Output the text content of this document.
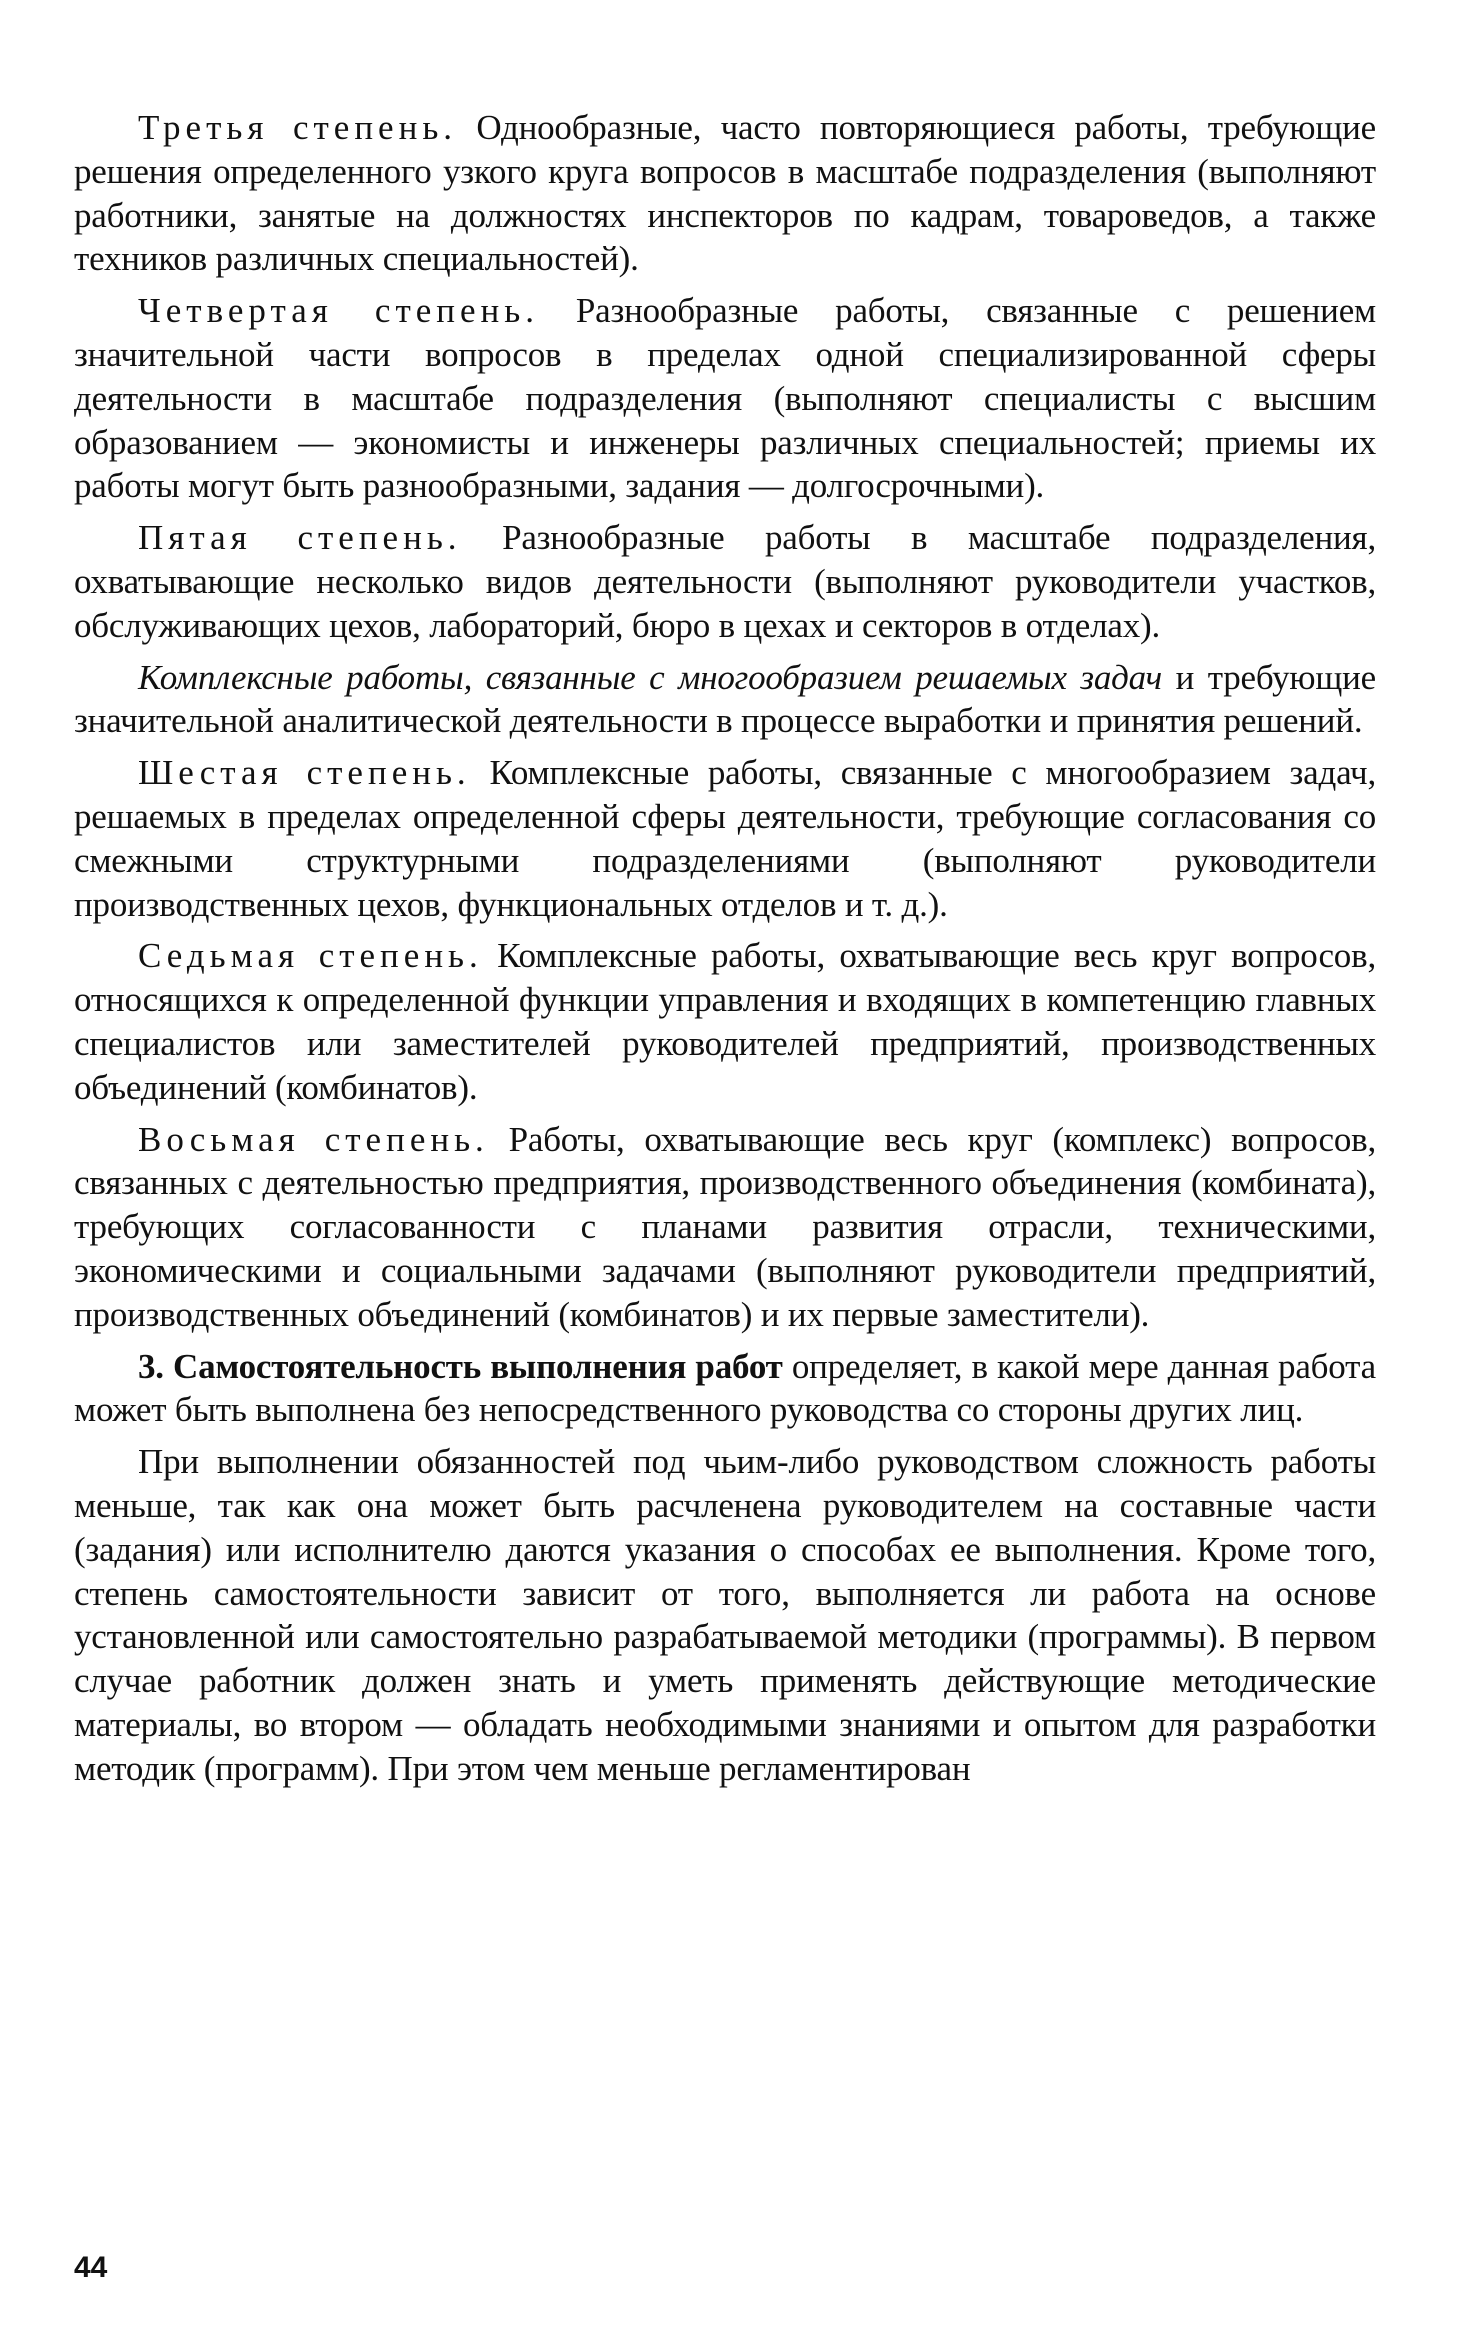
Третья степень. Однообразные, часто повторяющиеся работы, требующие решения определенного узкого круга вопросов в масштабе подразделения (выполняют работники, занятые на должностях инспекторов по кадрам, товароведов, а также техников различных специальностей).

Четвертая степень. Разнообразные работы, связанные с решением значительной части вопросов в пределах одной специализированной сферы деятельности в масштабе подразделения (выполняют специалисты с высшим образованием — экономисты и инженеры различных специальностей; приемы их работы могут быть разнообразными, задания — долгосрочными).

Пятая степень. Разнообразные работы в масштабе подразделения, охватывающие несколько видов деятельности (выполняют руководители участков, обслуживающих цехов, лабораторий, бюро в цехах и секторов в отделах).

Комплексные работы, связанные с многообразием решаемых задач и требующие значительной аналитической деятельности в процессе выработки и принятия решений.

Шестая степень. Комплексные работы, связанные с многообразием задач, решаемых в пределах определенной сферы деятельности, требующие согласования со смежными структурными подразделениями (выполняют руководители производственных цехов, функциональных отделов и т. д.).

Седьмая степень. Комплексные работы, охватывающие весь круг вопросов, относящихся к определенной функции управления и входящих в компетенцию главных специалистов или заместителей руководителей предприятий, производственных объединений (комбинатов).

Восьмая степень. Работы, охватывающие весь круг (комплекс) вопросов, связанных с деятельностью предприятия, производственного объединения (комбината), требующих согласованности с планами развития отрасли, техническими, экономическими и социальными задачами (выполняют руководители предприятий, производственных объединений (комбинатов) и их первые заместители).

3. Самостоятельность выполнения работ определяет, в какой мере данная работа может быть выполнена без непосредственного руководства со стороны других лиц.

При выполнении обязанностей под чьим-либо руководством сложность работы меньше, так как она может быть расчленена руководителем на составные части (задания) или исполнителю даются указания о способах ее выполнения. Кроме того, степень самостоятельности зависит от того, выполняется ли работа на основе установленной или самостоятельно разрабатываемой методики (программы). В первом случае работник должен знать и уметь применять действующие методические материалы, во втором — обладать необходимыми знаниями и опытом для разработки методик (программ). При этом чем меньше регламентирован

44
